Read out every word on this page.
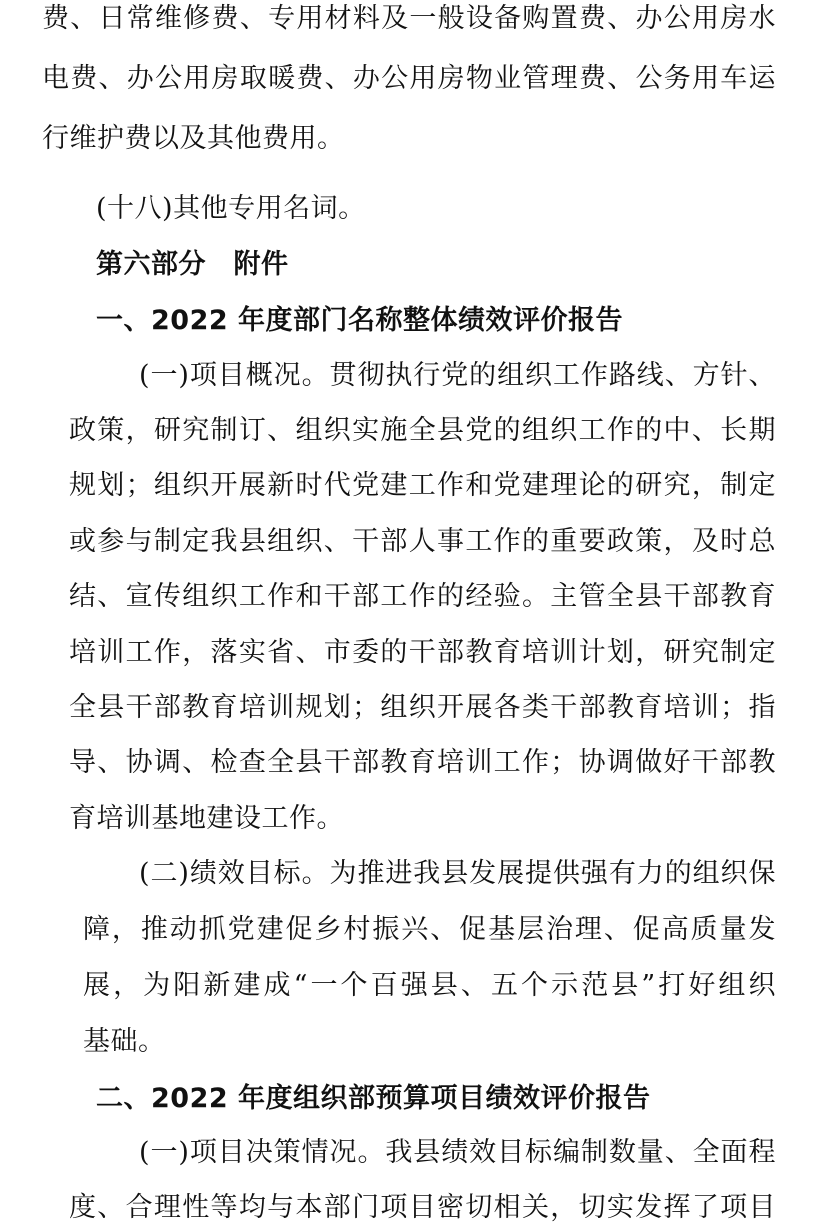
费、日常维修费、专用材料及一般设备购置费、办公用房水
电费、办公用房取暖费、办公用房物业管理费、公务用车运
行维护费以及其他费用。
(十八)其他专用名词。
第六部分　附件
一、2022 年度部门名称整体绩效评价报告
(一)项目概况。贯彻执行党的组织工作路线、方针、
政策，研究制订、组织实施全县党的组织工作的中、长期
规划；组织开展新时代党建工作和党建理论的研究，制定
或参与制定我县组织、干部人事工作的重要政策，及时总
结、宣传组织工作和干部工作的经验。主管全县干部教育
培训工作，落实省、市委的干部教育培训计划，研究制定
全县干部教育培训规划；组织开展各类干部教育培训；指
导、协调、检查全县干部教育培训工作；协调做好干部教
育培训基地建设工作。
(二)绩效目标。为推进我县发展提供强有力的组织保
障，推动抓党建促乡村振兴、促基层治理、促高质量发
展，为阳新建成“一个百强县、五个示范县”打好组织
基础。
二、2022 年度组织部预算项目绩效评价报告
(一)项目决策情况。我县绩效目标编制数量、全面程
度、合理性等均与本部门项目密切相关，切实发挥了项目
